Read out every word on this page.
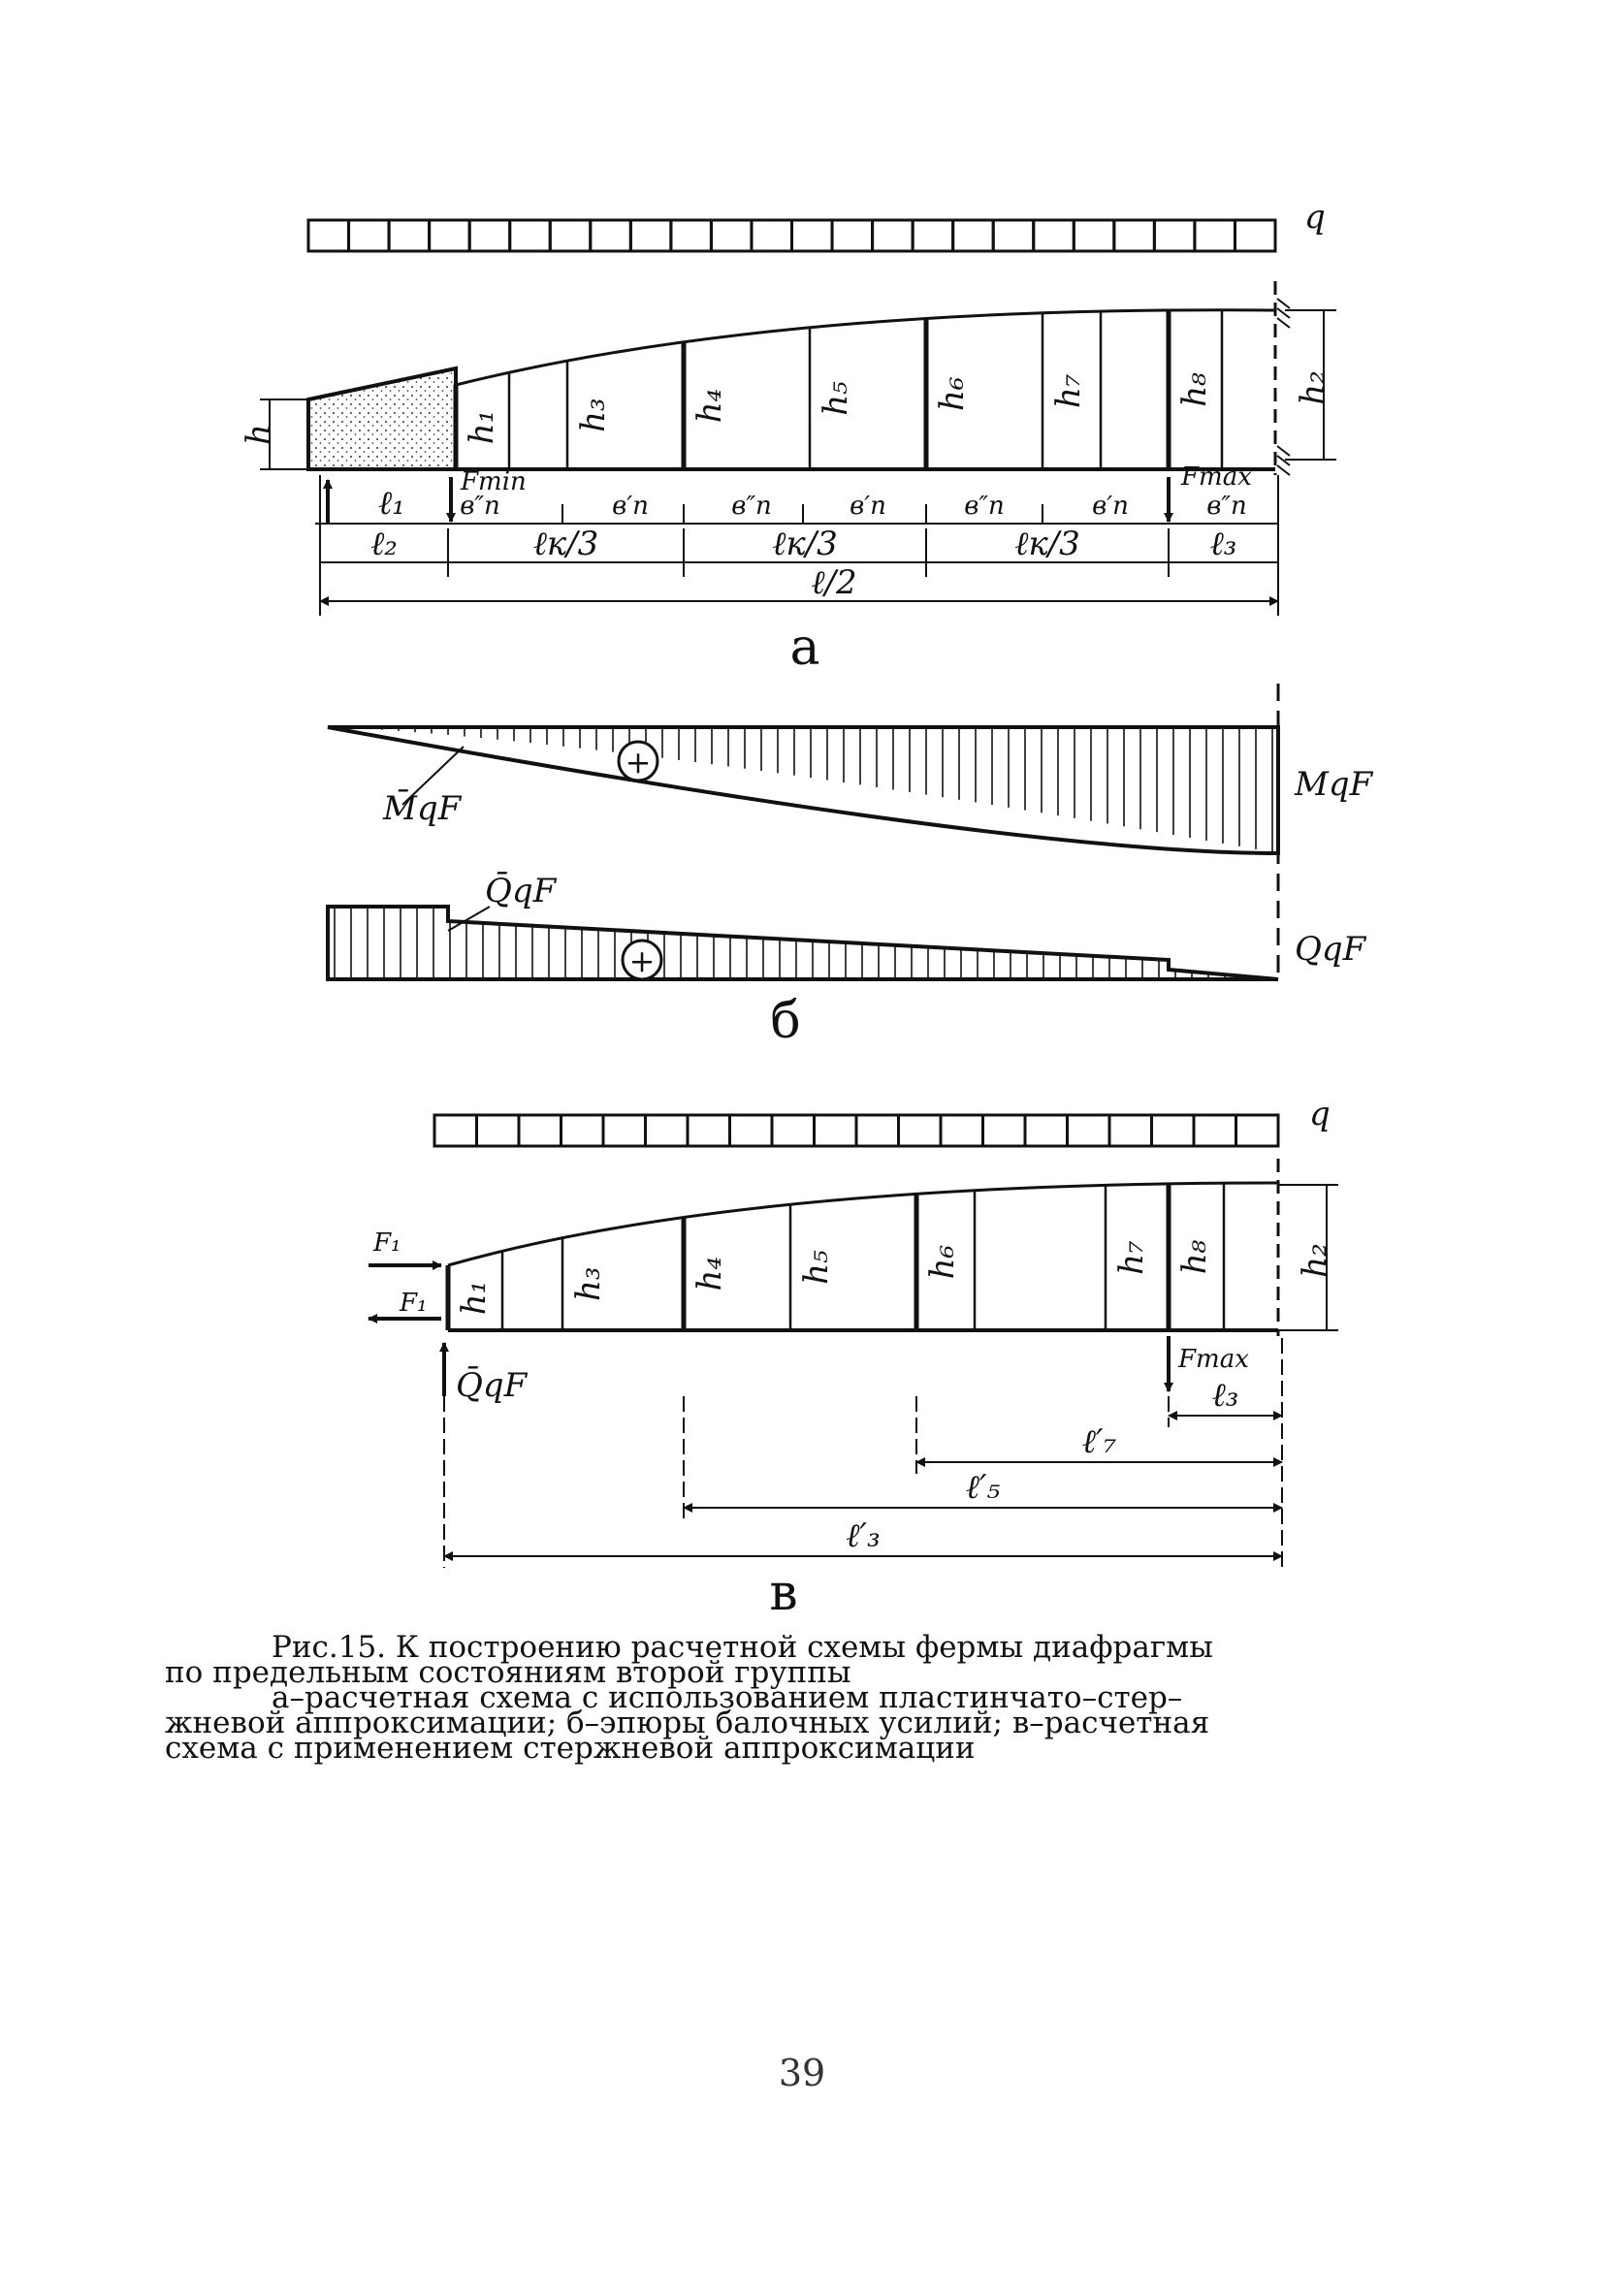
q
h	h₁ h₃ h₄	h₅ h₆ h₇	h₈ h₂
Fmin	Fmax
в″п	в′п	в″п	в′п	в″п	в′п	в″п
ℓ₁
ℓ₂	ℓк/3	ℓк/3	ℓк/3	ℓ₃
ℓ/2
а
+
M̄qF
MqF
+
Q̄qF
QqF
б
q
h₁ h₃	h₄ h₅	h₆	h₇ h₈ h₂
F₁
F₁
Q̄qF
Fmax
ℓ₃
ℓ′₇
ℓ′₅
ℓ′₃
в
Рис.15. К построению расчетной схемы фермы диафрагмы
по предельным состояниям второй группы
а–расчетная схема с использованием пластинчато–стер–
жневой аппроксимации; б–эпюры балочных усилий; в–расчетная
схема с применением стержневой аппроксимации
39
